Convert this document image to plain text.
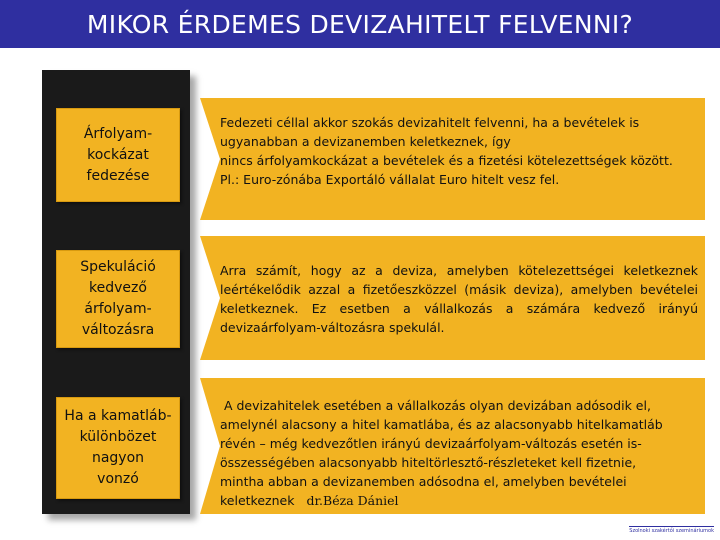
MIKOR ÉRDEMES DEVIZAHITELT FELVENNI?
Árfolyam-
kockázat
fedezése

Fedezeti céllal akkor szokás devizahitelt felvenni, ha a bevételek is

ugyanabban a devizanemben keletkeznek, így

nincs árfolyamkockázat a bevételek és a fizetési kötelezettségek között.

Pl.: Euro-zónába Exportáló vállalat Euro hitelt vesz fel.

Spekuláció
kedvező
árfolyam-
változásra

Arra számít, hogy az a deviza, amelyben kötelezettségei keletkeznek leértékelődik azzal a fizetőeszközzel (másik deviza), amelyben bevételei keletkeznek. Ez esetben a vállalkozás a számára kedvező irányú devizaárfolyam-változásra spekulál.

Ha a kamatláb-
különbözet
nagyon
vonzó

A devizahitelek esetében a vállalkozás olyan devizában adósodik el,

amelynél alacsony a hitel kamatlába, és az alacsonyabb hitelkamatláb

révén – még kedvezőtlen irányú devizaárfolyam-változás esetén is-

összességében alacsonyabb hiteltörlesztő-részleteket kell fizetnie,

mintha abban a devizanemben adósodna el, amelyben bevételei

keletkeznek dr.Béza Dániel

Szolnoki szakértői szemináriumok
